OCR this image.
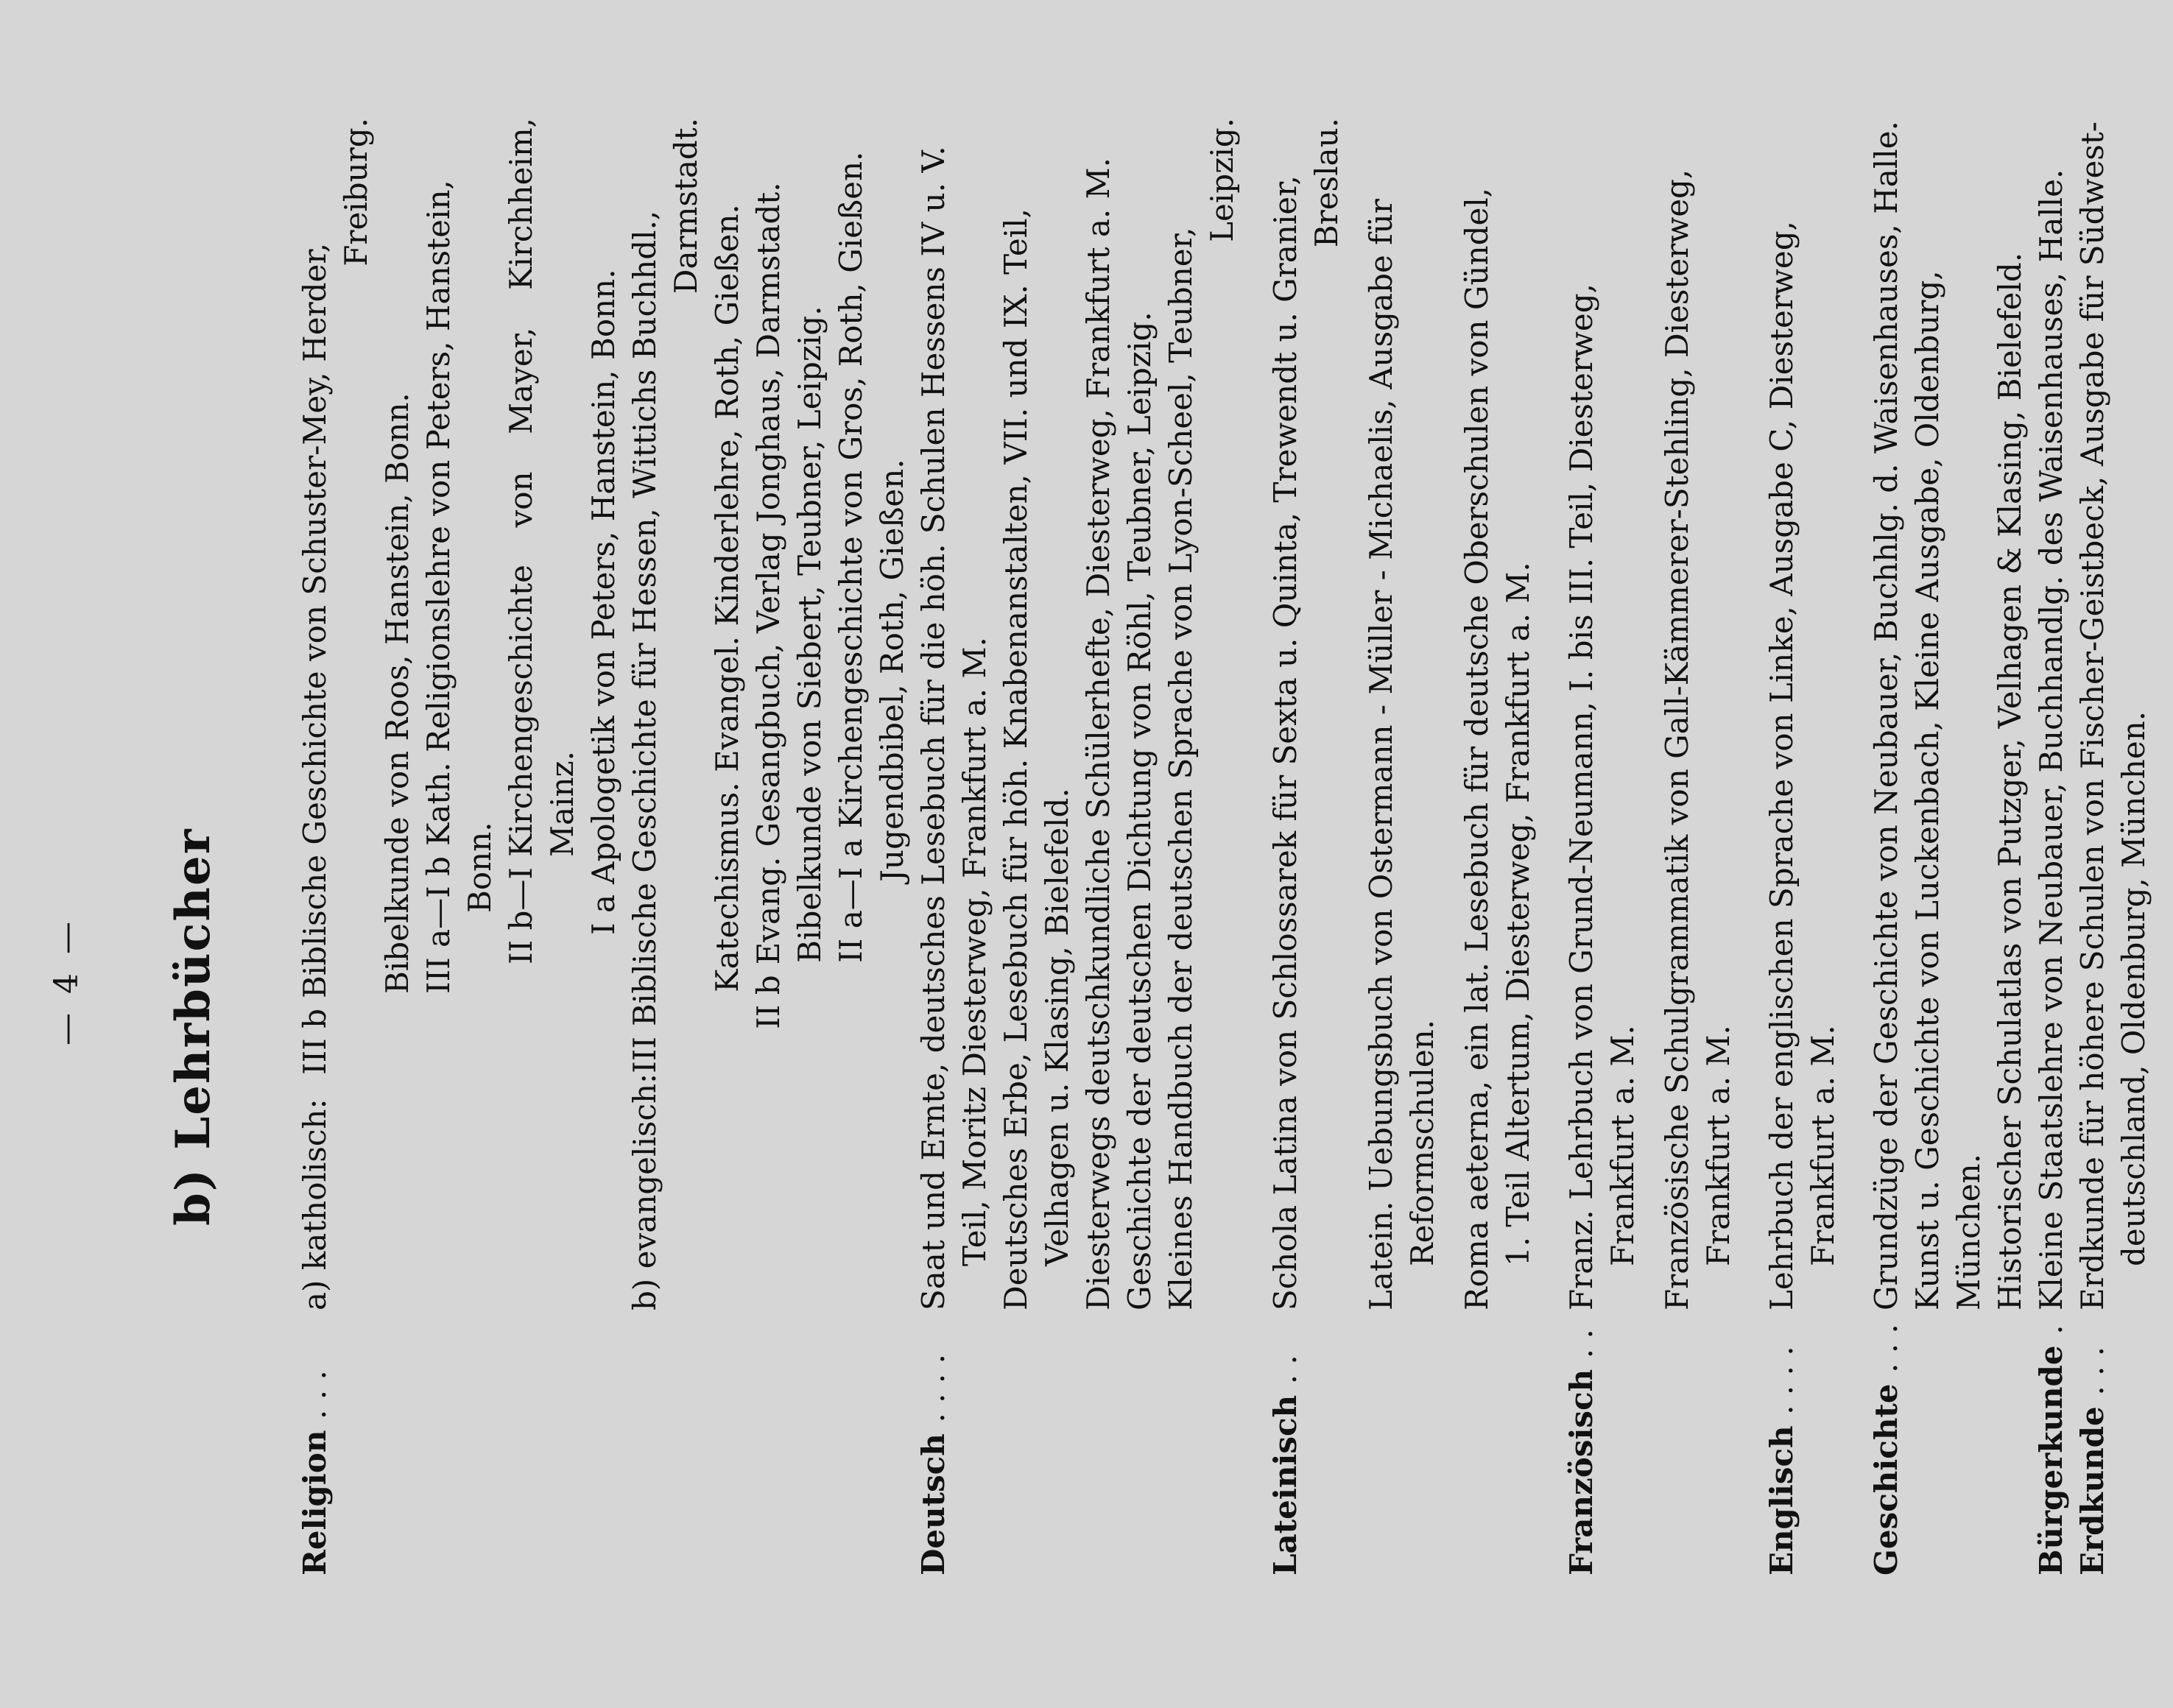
— 4 — b) Lehrbücher
Religion . . .
a) katholisch:
III b
Biblische Geschichte von Schuster-Mey, Herder,
Freiburg.
Bibelkunde von Roos, Hanstein, Bonn. III a—I b
Kath. Religionslehre von Peters, Hanstein,
Bonn. II b—I
Kirchengeschichte von Mayer, Kirchheim, Mainz.
I a
Apologetik von Peters, Hanstein, Bonn.
b) evangelisch:
III
Biblische Geschichte für Hessen, Wittichs Buchhdl.,
Darmstadt. Katechismus. Evangel. Kinderlehre, Roth, Gießen.
II b
Evang. Gesangbuch, Verlag Jonghaus, Darmstadt. Bibelkunde von Siebert, Teubner, Leipzig. II a—I a
Kirchengeschichte von Gros, Roth, Gießen. Jugendbibel, Roth, Gießen.
Deutsch . . . .
Saat und Ernte, deutsches Lesebuch für die höh. Schulen Hessens IV u. V. Teil, Moritz Diesterweg, Frankfurt a. M. Deutsches Erbe, Lesebuch für höh. Knabenanstalten, VII. und IX. Teil, Velhagen u. Klasing, Bielefeld. Diesterwegs deutschkundliche Schülerhefte, Diesterweg, Frankfurt a. M. Geschichte der deutschen Dichtung von Röhl, Teubner, Leipzig. Kleines Handbuch der deutschen Sprache von Lyon-Scheel, Teubner,
Leipzig.
Lateinisch . .
Schola Latina von Schlossarek für Sexta u. Quinta, Trewendt u. Granier, Breslau.
Latein. Uebungsbuch von Ostermann - Müller - Michaelis, Ausgabe für Reformschulen. Roma aeterna, ein lat. Lesebuch für deutsche Oberschulen von Gündel, 1. Teil Altertum, Diesterweg, Frankfurt a. M.
Französisch . .
Franz. Lehrbuch von Grund-Neumann, I. bis III. Teil, Diesterweg, Frankfurt a. M. Französische Schulgrammatik von Gall-Kämmerer-Stehling, Diesterweg, Frankfurt a. M.
Englisch . . . .
Lehrbuch der englischen Sprache von Linke, Ausgabe C, Diesterweg, Frankfurt a. M.
Geschichte . . .
Grundzüge der Geschichte von Neubauer, Buchhlg. d. Waisenhauses, Halle. Kunst u. Geschichte von Luckenbach, Kleine Ausgabe, Oldenburg, München. Historischer Schulatlas von Putzger, Velhagen & Klasing, Bielefeld.
Bürgerkunde .
Kleine Staatslehre von Neubauer, Buchhandlg. des Waisenhauses, Halle.
Erdkunde . . .
Erdkunde für höhere Schulen von Fischer-Geistbeck, Ausgabe für Südwest- deutschland, Oldenburg, München.
